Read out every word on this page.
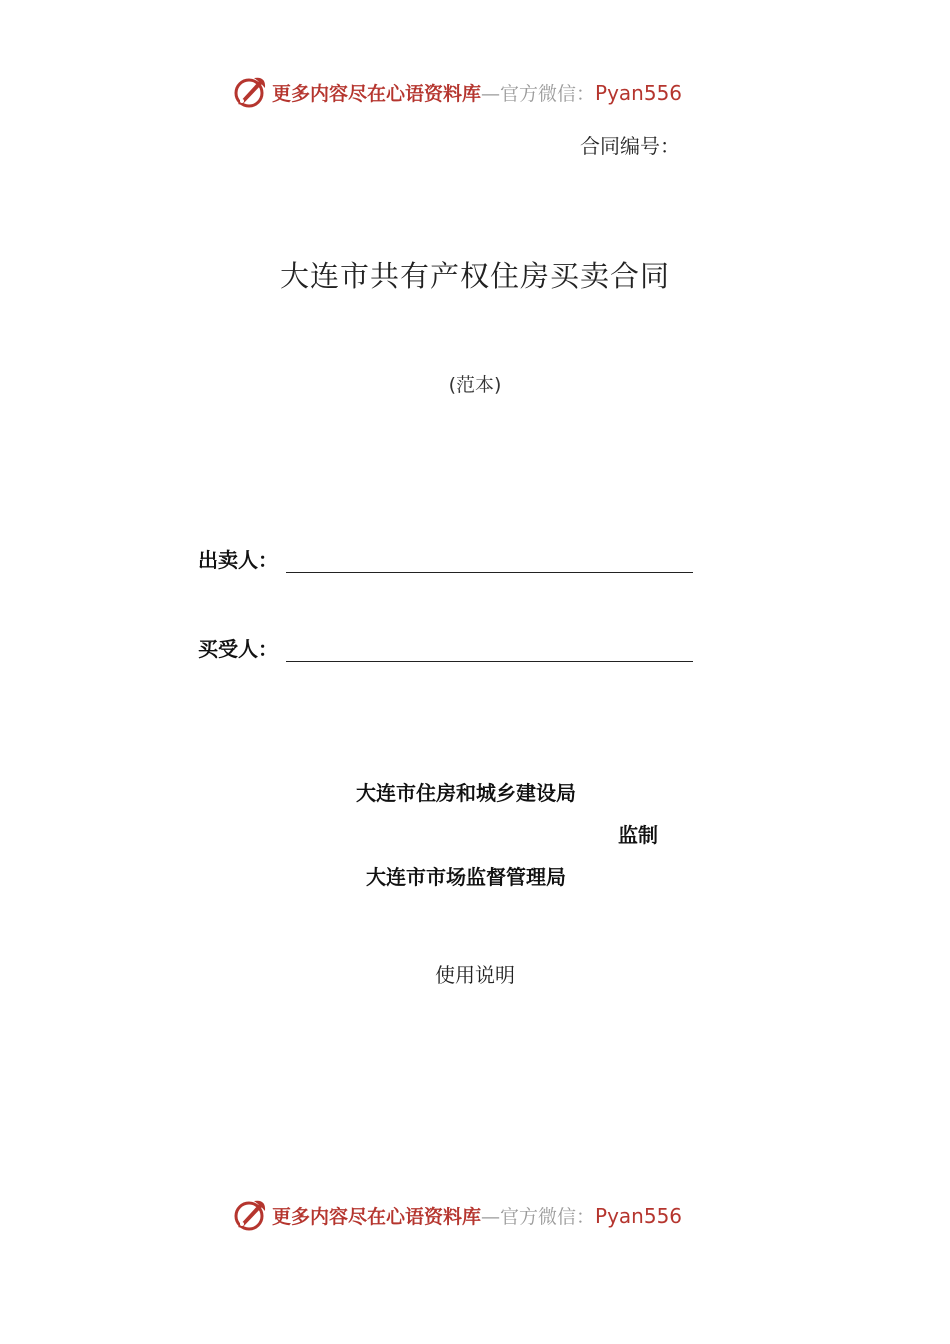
更多内容尽在心语资料库—官方微信：Pyan556
合同编号：
大连市共有产权住房买卖合同
(范本)
出卖人：
买受人：
大连市住房和城乡建设局
监制
大连市市场监督管理局
使用说明
更多内容尽在心语资料库—官方微信：Pyan556
